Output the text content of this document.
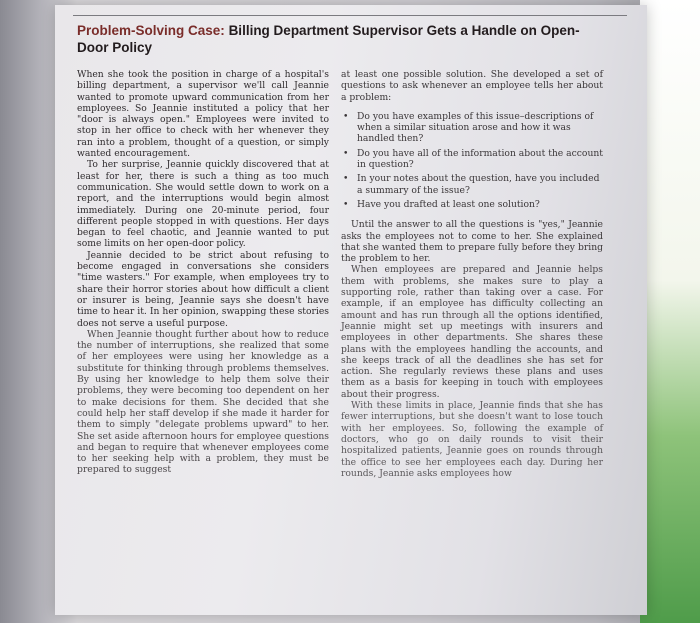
Problem-Solving Case: Billing Department Supervisor Gets a Handle on Open-Door Policy

When she took the position in charge of a hospital's billing department, a supervisor we'll call Jeannie wanted to promote upward communication from her employees. So Jeannie instituted a policy that her "door is always open." Employees were invited to stop in her office to check with her whenever they ran into a problem, thought of a question, or simply wanted encouragement.

To her surprise, Jeannie quickly discovered that at least for her, there is such a thing as too much communication. She would settle down to work on a report, and the interruptions would begin almost immediately. During one 20-minute period, four different people stopped in with questions. Her days began to feel chaotic, and Jeannie wanted to put some limits on her open-door policy.

Jeannie decided to be strict about refusing to become engaged in conversations she considers "time wasters." For example, when employees try to share their horror stories about how difficult a client or insurer is being, Jeannie says she doesn't have time to hear it. In her opinion, swapping these stories does not serve a useful purpose.

When Jeannie thought further about how to reduce the number of interruptions, she realized that some of her employees were using her knowledge as a substitute for thinking through problems themselves. By using her knowledge to help them solve their problems, they were becoming too dependent on her to make decisions for them. She decided that she could help her staff develop if she made it harder for them to simply "delegate problems upward" to her. She set aside afternoon hours for employee questions and began to require that whenever employees come to her seeking help with a problem, they must be prepared to suggest

at least one possible solution. She developed a set of questions to ask whenever an employee tells her about a problem:

• Do you have examples of this issue–descriptions of when a similar situation arose and how it was handled then?
• Do you have all of the information about the account in question?
• In your notes about the question, have you included a summary of the issue?
• Have you drafted at least one solution?

Until the answer to all the questions is "yes," Jeannie asks the employees not to come to her. She explained that she wanted them to prepare fully before they bring the problem to her.

When employees are prepared and Jeannie helps them with problems, she makes sure to play a supporting role, rather than taking over a case. For example, if an employee has difficulty collecting an amount and has run through all the options identified, Jeannie might set up meetings with insurers and employees in other departments. She shares these plans with the employees handling the accounts, and she keeps track of all the deadlines she has set for action. She regularly reviews these plans and uses them as a basis for keeping in touch with employees about their progress.

With these limits in place, Jeannie finds that she has fewer interruptions, but she doesn't want to lose touch with her employees. So, following the example of doctors, who go on daily rounds to visit their hospitalized patients, Jeannie goes on rounds through the office to see her employees each day. During her rounds, Jeannie asks employees how
